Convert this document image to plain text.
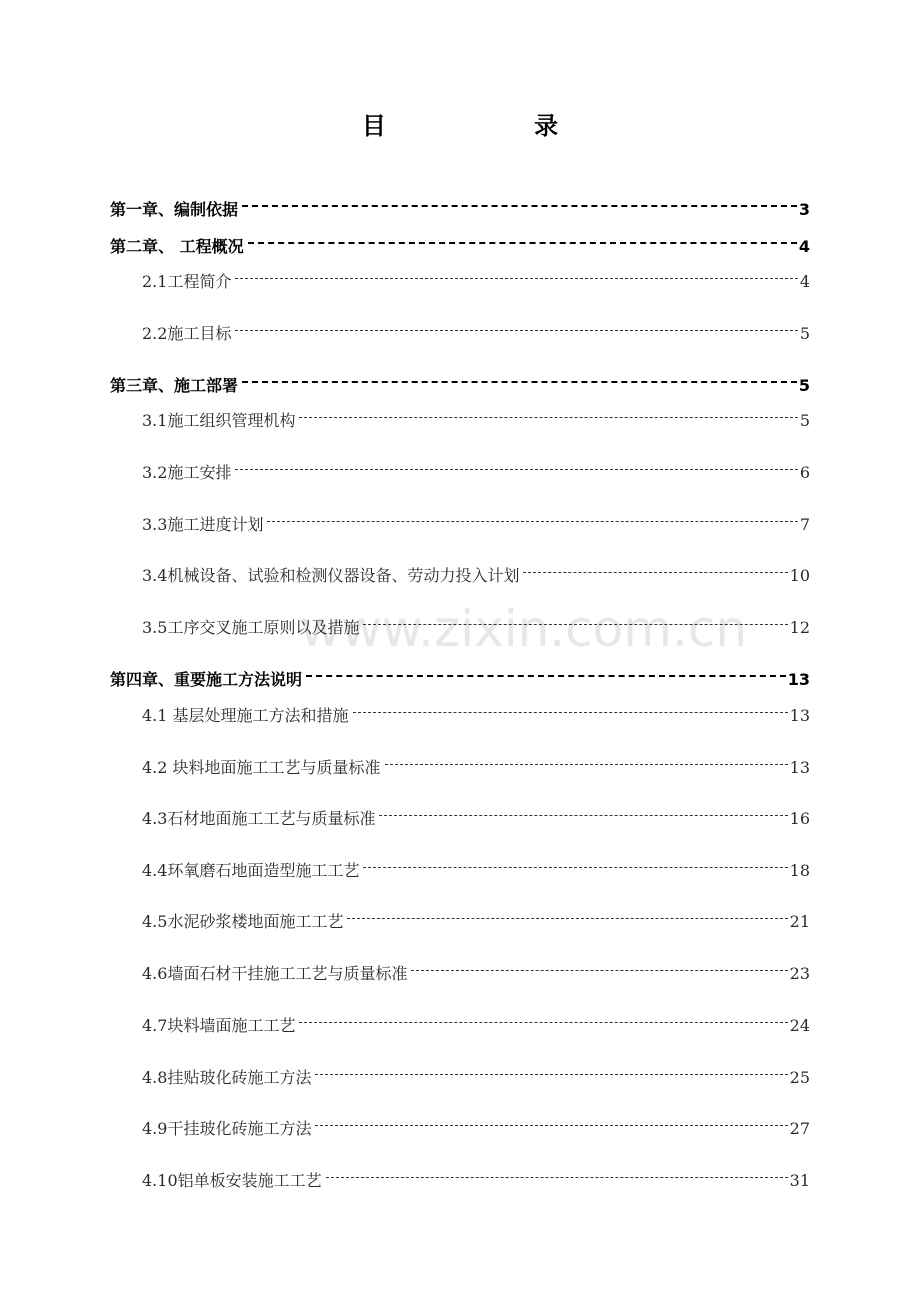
目 录
www.zixin.com.cn
第一章、编制依据	3
第二章、 工程概况	4
2.1工程简介	4
2.2施工目标	5
第三章、施工部署	5
3.1施工组织管理机构	5
3.2施工安排	6
3.3施工进度计划	7
3.4机械设备、试验和检测仪器设备、劳动力投入计划	10
3.5工序交叉施工原则以及措施	12
第四章、重要施工方法说明	13
4.1 基层处理施工方法和措施	13
4.2 块料地面施工工艺与质量标准	13
4.3石材地面施工工艺与质量标准	16
4.4环氧磨石地面造型施工工艺	18
4.5水泥砂浆楼地面施工工艺	21
4.6墙面石材干挂施工工艺与质量标准	23
4.7块料墙面施工工艺	24
4.8挂贴玻化砖施工方法	25
4.9干挂玻化砖施工方法	27
4.10铝单板安装施工工艺	31
